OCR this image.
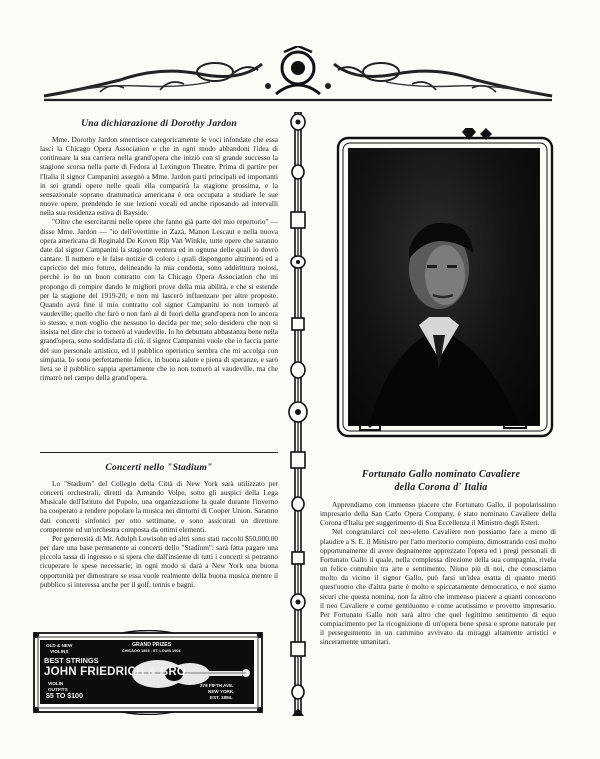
Una dichiarazione di Dorothy Jardon

Mme. Dorothy Jardon smentisce categoricamente le voci infondate che essa lasci la Chicago Opera Association e che in ogni modo abbandoni l'idea di continuare la sua carriera nella grand'opera che iniziò con sì grande successo la stagione scorsa nella parte di Fedora al Lexington Theatre. Prima di partire per l'Italia il signor Campanini assegnò a Mme. Jardon parti principali ed importanti in sei grandi opere nelle quali ella comparirà la stagione prossima, e la sensazionale soprano drammatica americana è ora occupata a studiare le sue nuove opere, prendendo le sue lezioni vocali ed anche riposando ad intervalli nella sua residenza estiva di Bayside.

"Oltre che esercitarmi nelle opere che fanno già parte del mio repertorio" — disse Mme. Jardon — "io dell'overtime in Zazà, Manon Lescaut e nella nuova opera americana di Reginald De Koven Rip Van Winkle, tutte opere che saranno date dal signor Campanini la stagione ventura ed in ognuna delle quali io dovrò cantare. Il numero e le false notizie di coloro i quali dispongono altrimenti ed a capriccio del mio futuro, delineando la mia condotta, sono addirittura noiosi, perchè io ho un buon contratto con la Chicago Opera Association che mi propongo di compire dando le migliori prove della mia abilità, e che si estende per la stagione del 1919-20; e non mi lascerò influenzare per altre proposte. Quando avrà fine il mio contratto col signor Campanini io non tornerò al vaudeville; quello che farò o non farò al di fuori della grand'opera non lo ancora io stesso, e non voglio che nessuno lo decida per me; solo desidero che non si insista nel dire che io tornerò al vaudeville. Io ho debuttato abbastanza bene nella grand'opera, sono soddisfatta di ciò, il signor Campanini vuole che io faccia parte del suo personale artistico, ed il pubblico operistico sembra che mi accolga con simpatia. Io sono perfettamente felice, in buona salute e piena di speranze, e sarò lieta se il pubblico sappia apertamente che io non tornerò al vaudeville, ma che rimarrò nel campo della grand'opera.

Concerti nello "Stadium"

Lo "Stadium" del Collegio della Città di New York sarà utilizzato per concerti orchestrali, diretti da Armando Volpe, sotto gli auspici della Lega Musicale dell'Istituto del Popolo, una organizzazione la quale durante l'inverno ha cooperato a rendere popolare la musica nei dintorni di Cooper Union. Saranno dati concerti sinfonici per otto settimane, e sono assicurati un direttore competente ed un'orchestra composta da ottimi elementi.

Per generosità di Mr. Adolph Lewisohn ed altri sono stati raccolti $50,000.00 per dare una base permanente ai concerti dello "Stadium": sarà fatta pagare una piccola tassa di ingresso e si spera che dall'insieme di tutti i concerti si potranno ricuperare le spese necessarie; in ogni modo si darà a New York una buona opportunità per dimostrare se essa vuole realmente della buona musica mentre il pubblico si interessa anche per il golf, tennis e bagni.

OLD & NEW
VIOLINS
BEST STRINGS
GRAND PRIZES
CHICAGO 1893 - ST. LOUIS 1904
JOHN FRIEDRICH & BRO.
VIOLIN
OUTFITS
$5 TO $100
279 FIFTH AVE.
NEW YORK.
EST. 1884.
Fortunato Gallo nominato Cavaliere
della Corona d' Italia

Apprendiamo con immenso piacere che Fortunato Gallo, il popolarissimo impresario della San Carlo Opera Company, è stato nominato Cavaliere della Corona d'Italia per suggerimento di Sua Eccellenza il Ministro degli Esteri.

Nel congratularci col neo-eletto Cavaliere non possiamo fare a meno di plaudire a S. E. il Ministro per l'atto meritorio compiuto, dimostrando così molto opportunamente di avere degnamente apprezzato l'opera ed i pregi personali di Fortunato Gallo il quale, nella complessa direzione della sua compagnia, rivela un felice connubio tra arte e sentimento. Niuno più di noi, che conosciamo molto da vicino il signor Gallo, può farsi un'idea esatta di quanto meriti quest'uomo che d'altra parte è molto e spiccatamente democratico, e noi siamo sicuri che questa nomina, non fa altro che immenso piacere a quanti conoscono il neo Cavaliere e come gentiluomo e come acutissimo e provetto impresario. Per Fortunato Gallo non sarà altro che quel legittimo sentimento di equo compiacimento per la ricognizione di un'opera bene spesa e sprone naturale per il perseguimento in un cammino avvivato da miraggi altamente artistici e sinceramente umanitari.
